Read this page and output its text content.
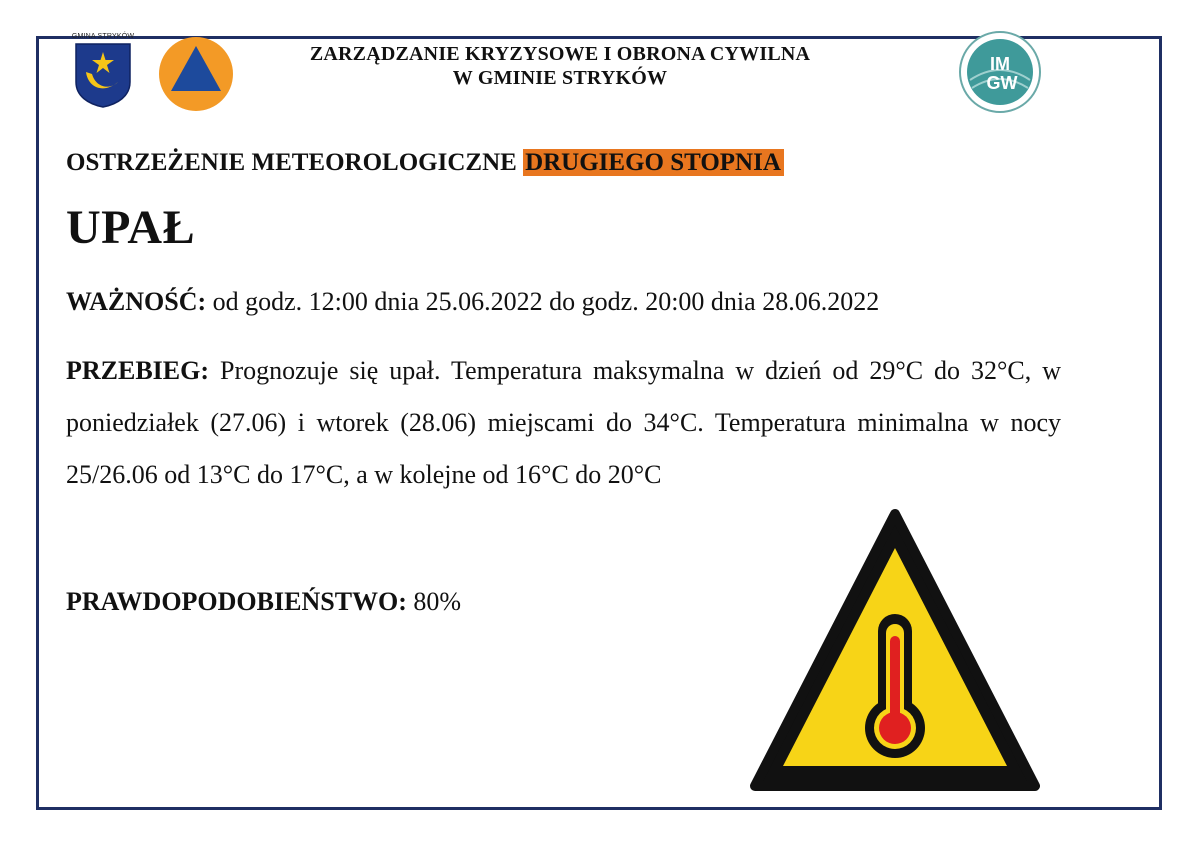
GMINA STRYKÓW
ZARZĄDZANIE KRYZYSOWE I OBRONA CYWILNA
W GMINIE STRYKÓW
IM
GW
OSTRZEŻENIE METEOROLOGICZNE DRUGIEGO STOPNIA
UPAŁ
WAŻNOŚĆ: od godz. 12:00 dnia 25.06.2022 do godz. 20:00 dnia 28.06.2022
PRZEBIEG: Prognozuje się upał. Temperatura maksymalna w dzień od 29°C do 32°C, w poniedziałek (27.06) i wtorek (28.06) miejscami do 34°C. Temperatura minimalna w nocy 25/26.06 od 13°C do 17°C, a w kolejne od 16°C do 20°C
PRAWDOPODOBIEŃSTWO: 80%
